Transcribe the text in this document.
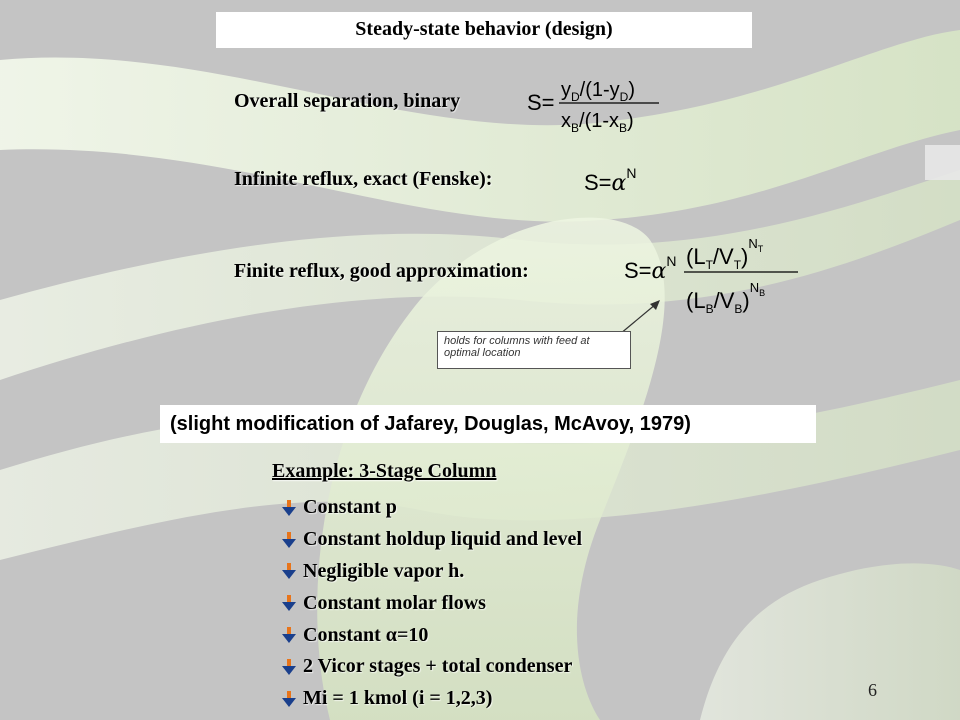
Steady-state behavior (design)
Overall separation, binary
Infinite reflux, exact (Fenske):
Finite reflux, good approximation:
$S= y_D/(1-y_D)$
$x_B/(1-x_B)$
$S=\alpha^N$
$S=\alpha^N$ $(L_T/V_T)^NT$
$(L_B/V_B)^NB$
holds for columns with feed at optimal location
(slight modification of Jafarey, Douglas, McAvoy, 1979)
Example: 3-Stage Column
Constant p
Constant holdup liquid and level
Negligible vapor h.
Constant molar flows
Constant α=10
2 Vicor stages + total condenser
Mi = 1 kmol (i = 1,2,3)	6
